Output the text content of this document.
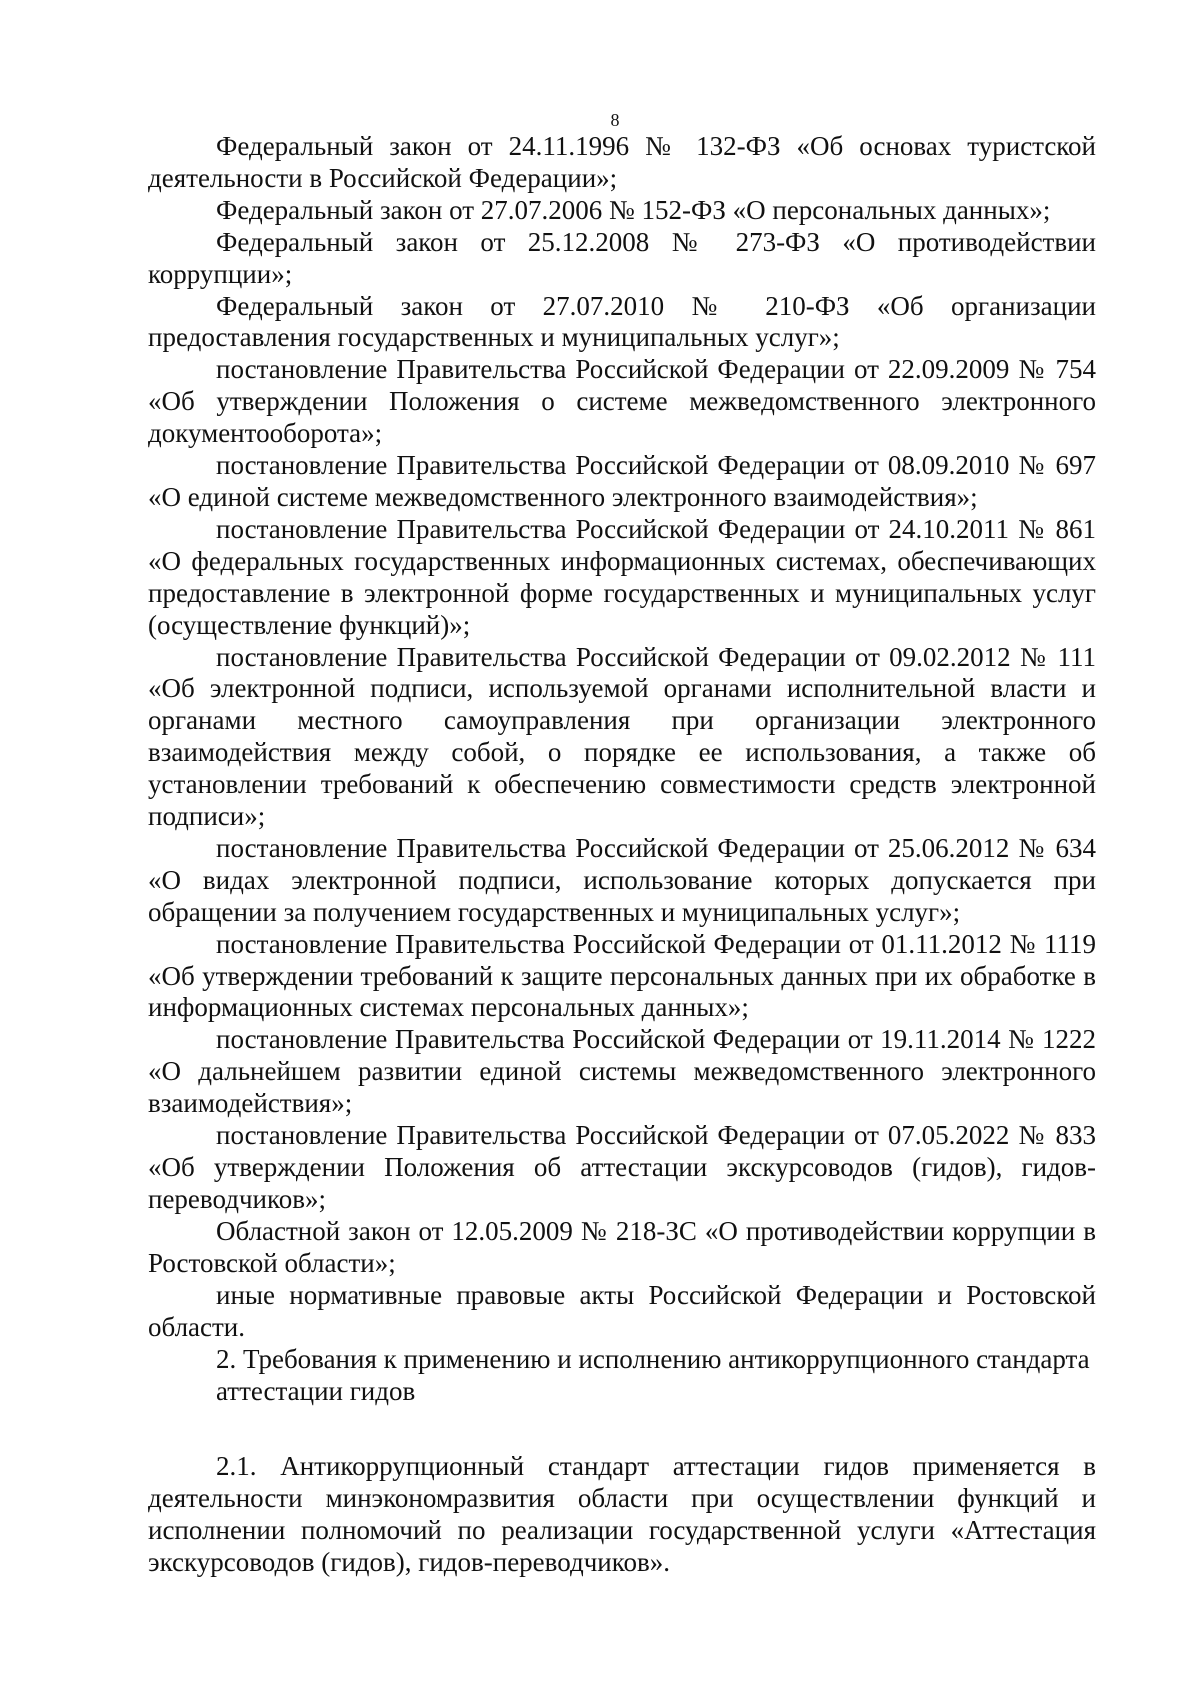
8

Федеральный закон от 24.11.1996 № 132-ФЗ «Об основах туристской деятельности в Российской Федерации»;

Федеральный закон от 27.07.2006 № 152-ФЗ «О персональных данных»;

Федеральный закон от 25.12.2008 № 273-ФЗ «О противодействии коррупции»;

Федеральный закон от 27.07.2010 № 210-ФЗ «Об организации предоставления государственных и муниципальных услуг»;

постановление Правительства Российской Федерации от 22.09.2009 № 754 «Об утверждении Положения о системе межведомственного электронного документооборота»;

постановление Правительства Российской Федерации от 08.09.2010 № 697 «О единой системе межведомственного электронного взаимодействия»;

постановление Правительства Российской Федерации от 24.10.2011 № 861 «О федеральных государственных информационных системах, обеспечивающих предоставление в электронной форме государственных и муниципальных услуг (осуществление функций)»;

постановление Правительства Российской Федерации от 09.02.2012 № 111 «Об электронной подписи, используемой органами исполнительной власти и органами местного самоуправления при организации электронного взаимодействия между собой, о порядке ее использования, а также об установлении требований к обеспечению совместимости средств электронной подписи»;

постановление Правительства Российской Федерации от 25.06.2012 № 634 «О видах электронной подписи, использование которых допускается при обращении за получением государственных и муниципальных услуг»;

постановление Правительства Российской Федерации от 01.11.2012 № 1119 «Об утверждении требований к защите персональных данных при их обработке в информационных системах персональных данных»;

постановление Правительства Российской Федерации от 19.11.2014 № 1222 «О дальнейшем развитии единой системы межведомственного электронного взаимодействия»;

постановление Правительства Российской Федерации от 07.05.2022 № 833 «Об утверждении Положения об аттестации экскурсоводов (гидов), гидов-переводчиков»;

Областной закон от 12.05.2009 № 218-ЗС «О противодействии коррупции в Ростовской области»;

иные нормативные правовые акты Российской Федерации и Ростовской области.

2. Требования к применению и исполнению антикоррупционного стандарта
аттестации гидов

2.1. Антикоррупционный стандарт аттестации гидов применяется в деятельности минэкономразвития области при осуществлении функций и исполнении полномочий по реализации государственной услуги «Аттестация экскурсоводов (гидов), гидов-переводчиков».
